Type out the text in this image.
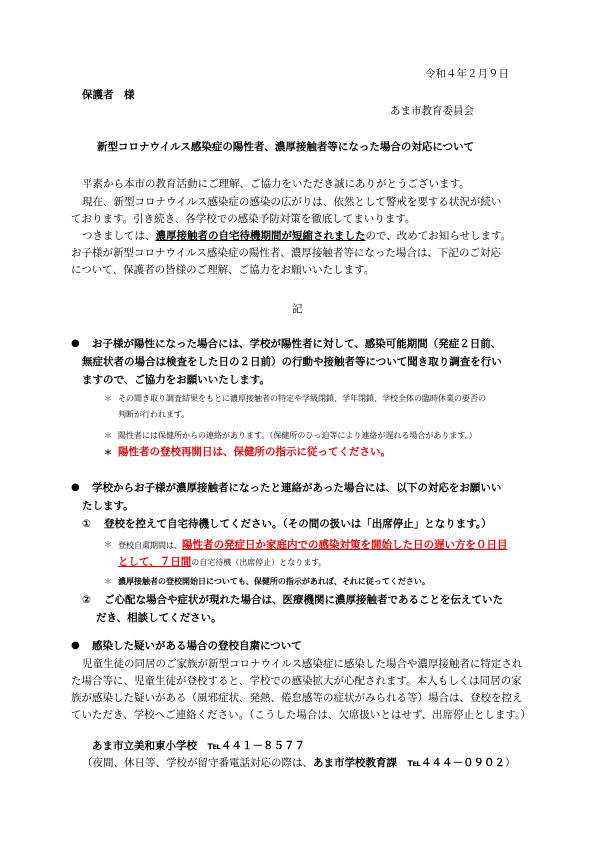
令和４年２月９日
保護者　様
あま市教育委員会
新型コロナウイルス感染症の陽性者、濃厚接触者等になった場合の対応について
平素から本市の教育活動にご理解、ご協力をいただき誠にありがとうございます。
現在、新型コロナウイルス感染症の感染の広がりは、依然として警戒を要する状況が続い
ております。引き続き、各学校での感染予防対策を徹底してまいります。
つきましては、濃厚接触者の自宅待機期間が短縮されましたので、改めてお知らせします。
お子様が新型コロナウイルス感染症の陽性者、濃厚接触者等になった場合は、下記のご対応
について、保護者の皆様のご理解、ご協力をお願いいたします。
記
● お子様が陽性になった場合には、学校が陽性者に対して、感染可能期間（発症２日前、
無症状者の場合は検査をした日の２日前）の行動や接触者等について聞き取り調査を行い
ますので、ご協力をお願いいたします。
＊ その聞き取り調査結果をもとに濃厚接触者の特定や学級閉鎖、学年閉鎖、学校全体の臨時休業の要否の
判断が行われます。
＊ 陽性者には保健所からの連絡があります。（保健所のひっ迫等により連絡が遅れる場合があります。）
＊ 陽性者の登校再開日は、保健所の指示に従ってください。
● 学校からお子様が濃厚接触者になったと連絡があった場合には、以下の対応をお願いい
たします。
① 登校を控えて自宅待機してください。（その間の扱いは「出席停止」となります。）
＊ 登校自粛期間は、陽性者の発症日か家庭内での感染対策を開始した日の遅い方を０日目
として、７日間の自宅待機（出席停止）となります。
＊ 濃厚接触者の登校開始日についても、保健所の指示があれば、それに従ってください。
② ご心配な場合や症状が現れた場合は、医療機関に濃厚接触者であることを伝えていた
だき、相談してください。
● 感染した疑いがある場合の登校自粛について
児童生徒の同居のご家族が新型コロナウイルス感染症に感染した場合や濃厚接触者に特定され
た場合等に、児童生徒が登校すると、学校での感染拡大が心配されます。本人もしくは同居の家
族が感染した疑いがある（風邪症状、発熱、倦怠感等の症状がみられる等）場合は、登校を控え
ていただき、学校へご連絡ください。（こうした場合は、欠席扱いとはせず、出席停止とします。）
あま市立美和東小学校　℡４４１－８５７７
（夜間、休日等、学校が留守番電話対応の際は、あま市学校教育課　℡４４４－０９０２）
